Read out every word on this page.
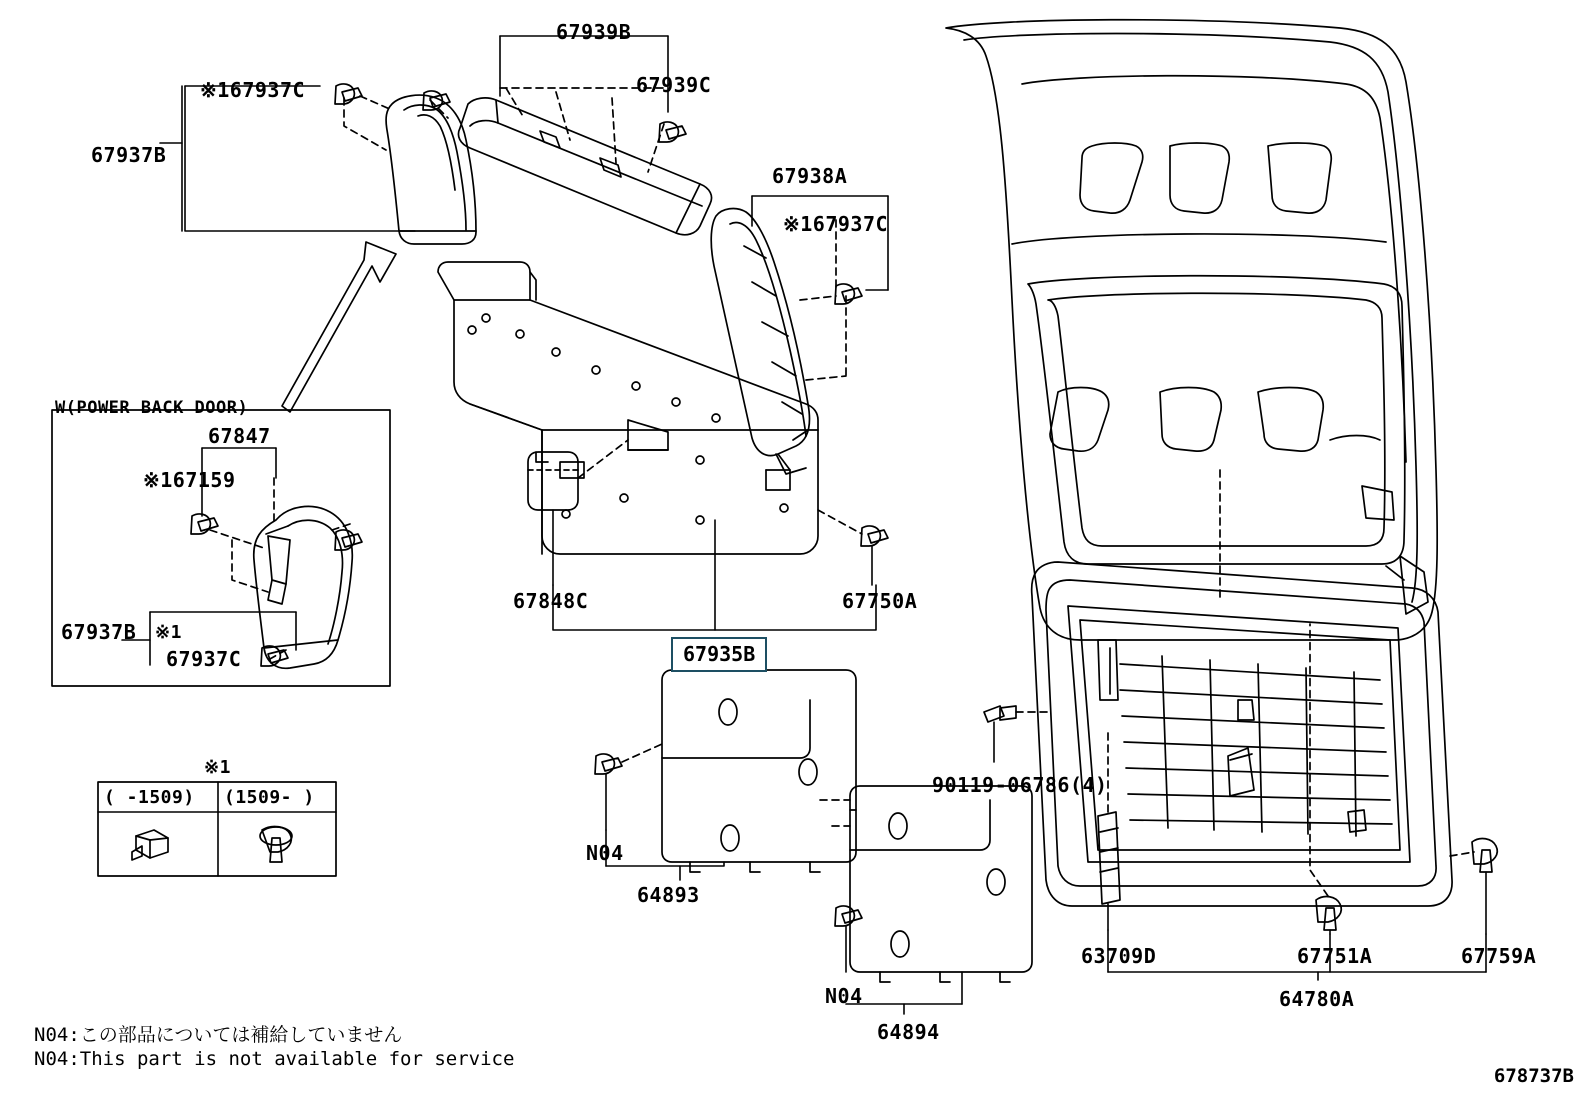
67939B
67939C
※167937C
67937B
67938A
※167937C
W(POWER BACK DOOR)
67847
※167159
67937B ※1
67937C
67848C	67750A
67935B
90119-06786(4)
N04
64893
N04
64894
63709D	67751A	67759A
64780A
※1
( -1509) (1509- )
N04:この部品については補給していません
N04:This part is not available for service
678737B
